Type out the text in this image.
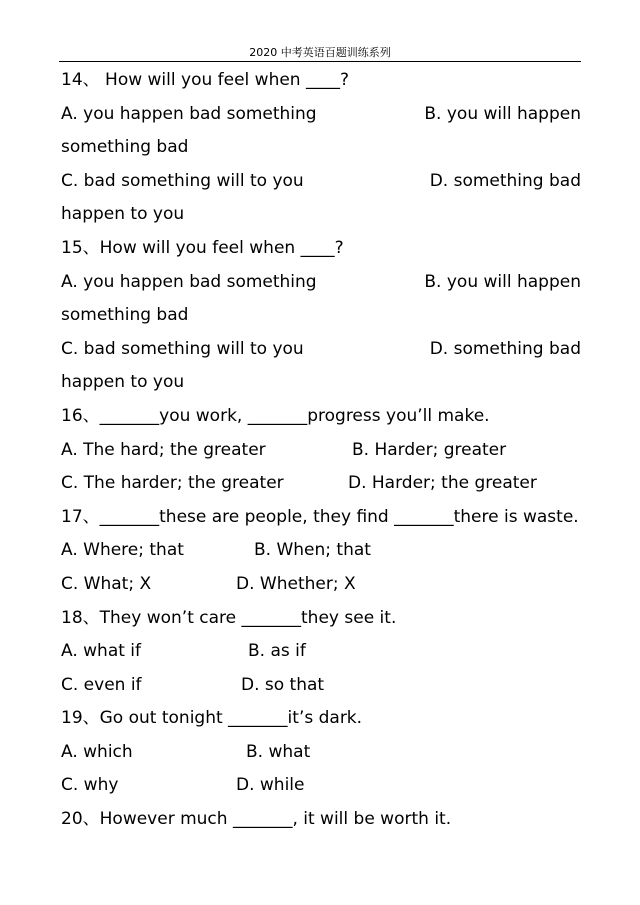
2020 中考英语百题训练系列
14、 How will you feel when ____?

A. you happen bad something

	B. you will happen

something bad

C. bad something will to you

	D. something bad

happen to you
15、How will you feel when ____?

A. you happen bad something

	B. you will happen

something bad

C. bad something will to you

	D. something bad

happen to you
16、_______you work, _______progress you’ll make.

A. The hard; the greater

	B. Harder; greater

C. The harder; the greater

	D. Harder; the greater

17、_______these are people, they find _______there is waste.

A. Where; that

	B. When; that

C. What; X

	D. Whether; X

18、They won’t care _______they see it.

A. what if

	B. as if

C. even if

	D. so that

19、Go out tonight _______it’s dark.

A. which

	B. what

C. why

	D. while

20、However much _______, it will be worth it.
